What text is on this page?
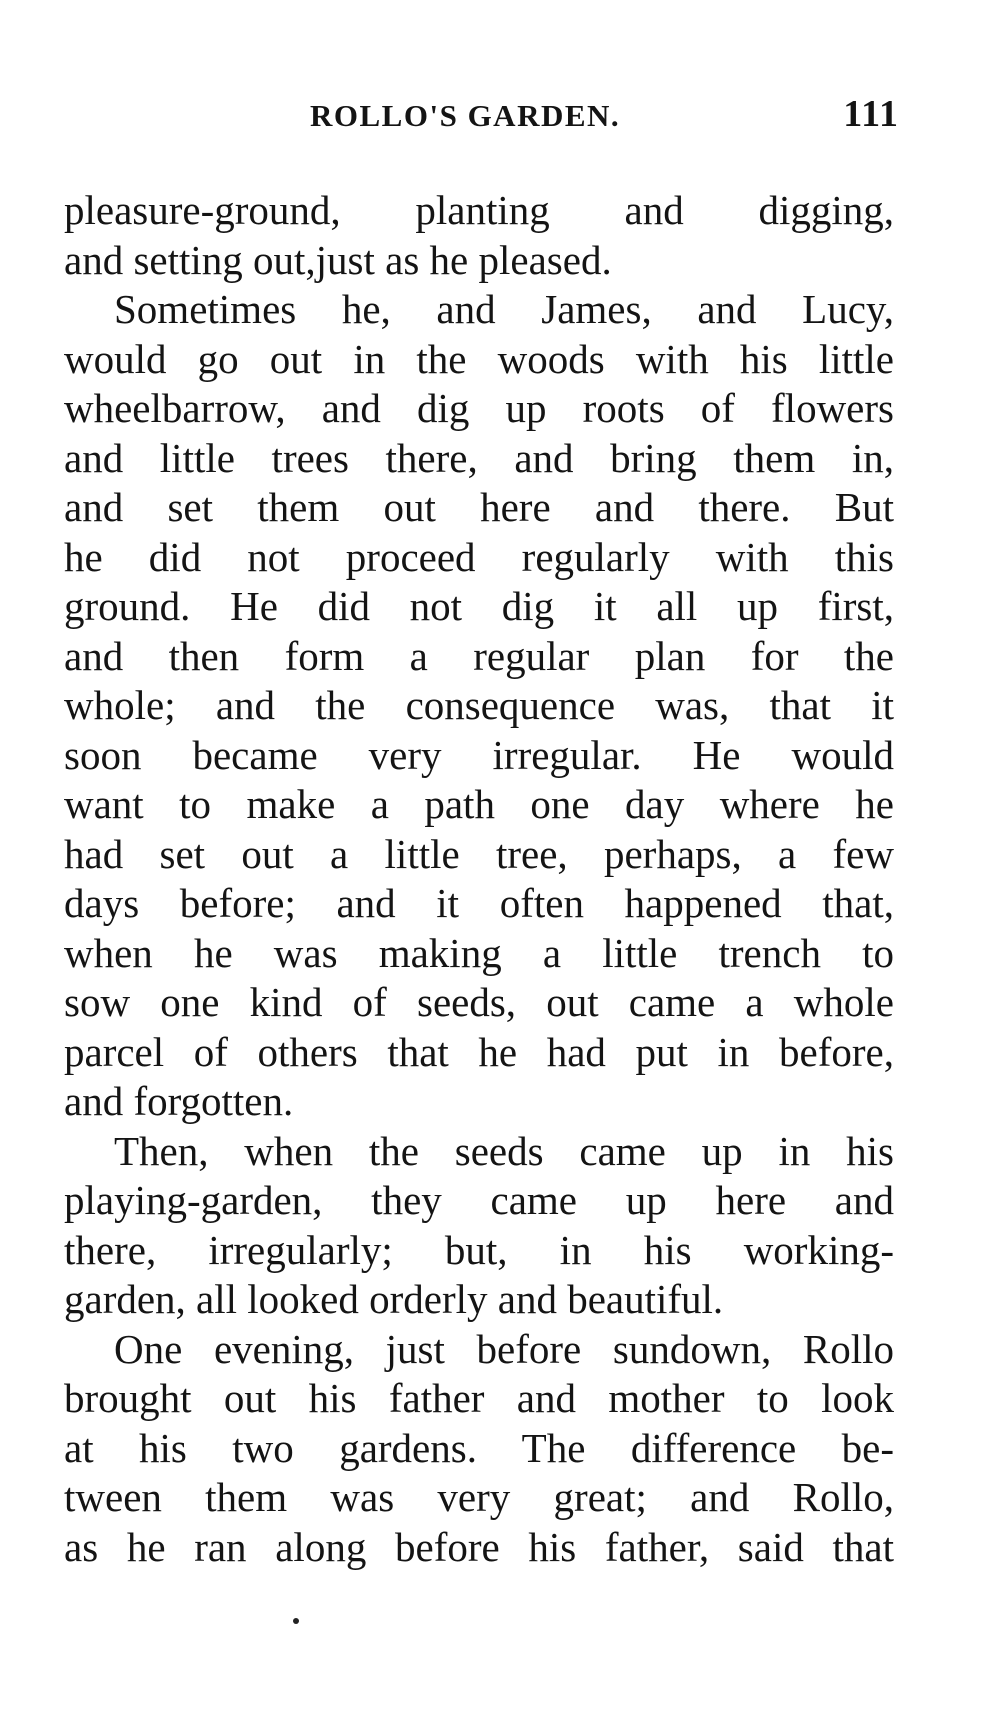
ROLLO'S GARDEN.	111
pleasure-ground, planting and digging,
and setting out,just as he pleased.
Sometimes he, and James, and Lucy,
would go out in the woods with his little
wheelbarrow, and dig up roots of flowers
and little trees there, and bring them in,
and set them out here and there. But
he did not proceed regularly with this
ground. He did not dig it all up first,
and then form a regular plan for the
whole; and the consequence was, that it
soon became very irregular. He would
want to make a path one day where he
had set out a little tree, perhaps, a few
days before; and it often happened that,
when he was making a little trench to
sow one kind of seeds, out came a whole
parcel of others that he had put in before,
and forgotten.
Then, when the seeds came up in his
playing-garden, they came up here and
there, irregularly; but, in his working-
garden, all looked orderly and beautiful.
One evening, just before sundown, Rollo
brought out his father and mother to look
at his two gardens. The difference be-
tween them was very great; and Rollo,
as he ran along before his father, said that
